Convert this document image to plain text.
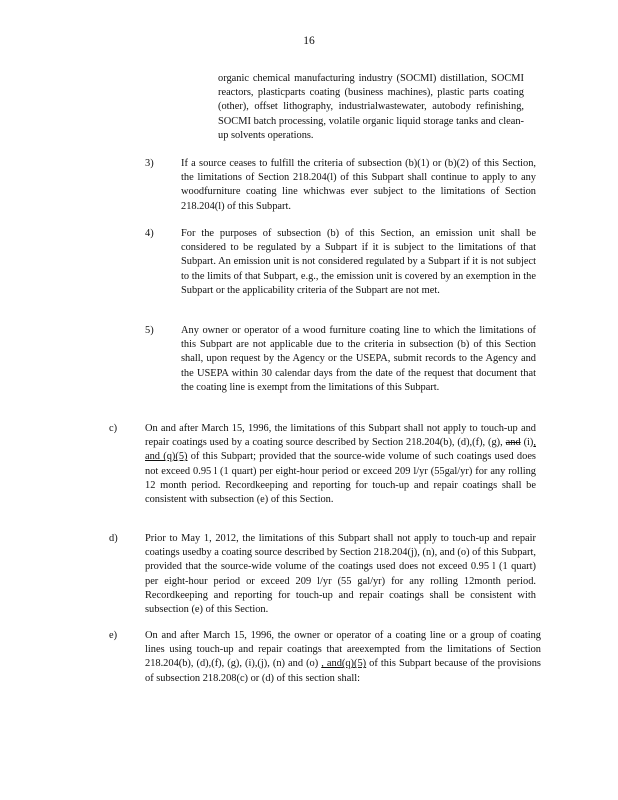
16
organic chemical manufacturing industry (SOCMI) distillation, SOCMI reactors, plasticparts coating (business machines), plastic parts coating (other), offset lithography, industrialwastewater, autobody refinishing, SOCMI batch processing, volatile organic liquid storage tanks and clean-up solvents operations.
3)	If a source ceases to fulfill the criteria of subsection (b)(1) or (b)(2) of this Section, the limitations of Section 218.204(l) of this Subpart shall continue to apply to any woodfurniture coating line whichwas ever subject to the limitations of Section 218.204(l) of this Subpart.
4)	For the purposes of subsection (b) of this Section, an emission unit shall be considered to be regulated by a Subpart if it is subject to the limitations of that Subpart. An emission unit is not considered regulated by a Subpart if it is not subject to the limits of that Subpart, e.g., the emission unit is covered by an exemption in the Subpart or the applicability criteria of the Subpart are not met.
5)	Any owner or operator of a wood furniture coating line to which the limitations of this Subpart are not applicable due to the criteria in subsection (b) of this Section shall, upon request by the Agency or the USEPA, submit records to the Agency and the USEPA within 30 calendar days from the date of the request that document that the coating line is exempt from the limitations of this Subpart.
c)	On and after March 15, 1996, the limitations of this Subpart shall not apply to touch-up and repair coatings used by a coating source described by Section 218.204(b), (d),(f), (g), and (i), and (q)(5) of this Subpart; provided that the source-wide volume of such coatings used does not exceed 0.95 l (1 quart) per eight-hour period or exceed 209 l/yr (55gal/yr) for any rolling 12 month period. Recordkeeping and reporting for touch-up and repair coatings shall be consistent with subsection (e) of this Section.
d)	Prior to May 1, 2012, the limitations of this Subpart shall not apply to touch-up and repair coatings usedby a coating source described by Section 218.204(j), (n), and (o) of this Subpart, provided that the source-wide volume of the coatings used does not exceed 0.95 l (1 quart) per eight-hour period or exceed 209 l/yr (55 gal/yr) for any rolling 12month period. Recordkeeping and reporting for touch-up and repair coatings shall be consistent with subsection (e) of this Section.
e)	On and after March 15, 1996, the owner or operator of a coating line or a group of coating lines using touch-up and repair coatings that areexempted from the limitations of Section 218.204(b), (d),(f), (g), (i),(j), (n) and (o) , and(q)(5) of this Subpart because of the provisions of subsection 218.208(c) or (d) of this section shall:
